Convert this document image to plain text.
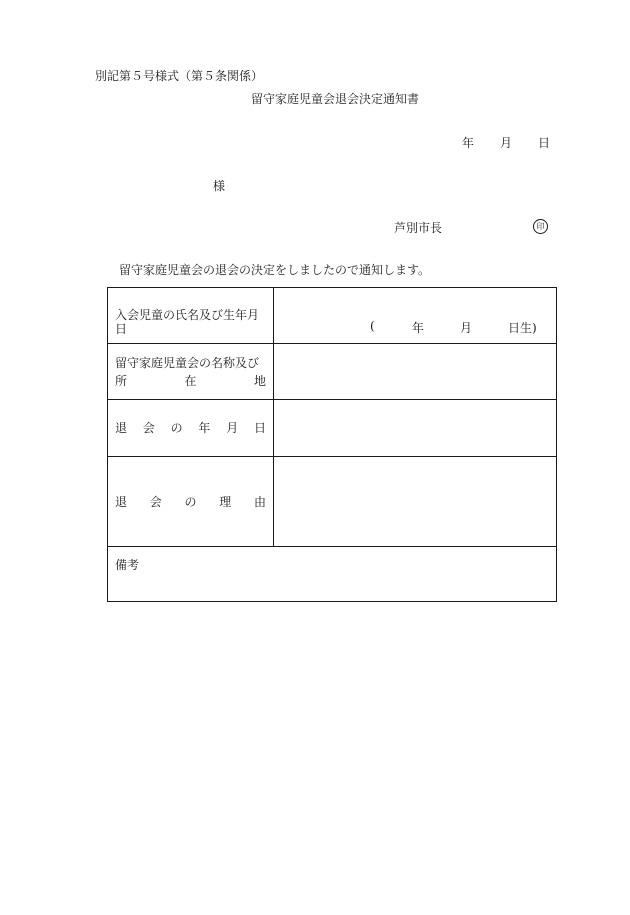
別記第５号様式（第５条関係）
留守家庭児童会退会決定通知書
年	月	日
様
芦別市長	印
留守家庭児童会の退会の決定をしましたので通知します。
入会児童の氏名及び生年月日	(	年	月	日生)
留守家庭児童会の名称及び
所	在	地
退 会 の 年 月 日
退 会 の 理 由
備考
